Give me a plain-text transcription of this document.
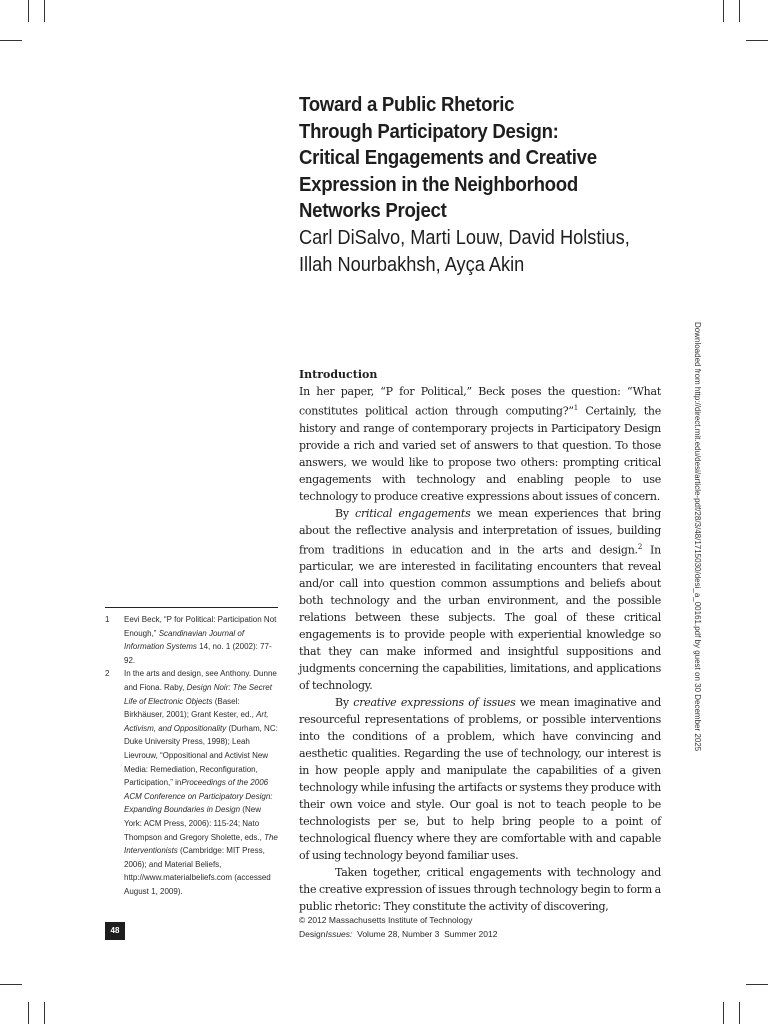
Toward a Public Rhetoric
Through Participatory Design:
Critical Engagements and Creative
Expression in the Neighborhood
Networks Project
Carl DiSalvo, Marti Louw, David Holstius,
Illah Nourbakhsh, Ayça Akin
Downloaded from http://direct.mit.edu/desi/article-pdf/28/3/48/1715030/desi_a_00161.pdf by guest on 30 December 2025
Introduction

In her paper, “P for Political,” Beck poses the question: “What constitutes political action through computing?”$^1$ Certainly, the history and range of contemporary projects in Participatory Design provide a rich and varied set of answers to that question. To those answers, we would like to propose two others: prompting critical engagements with technology and enabling people to use technology to produce creative expressions about issues of concern.

By critical engagements we mean experiences that bring about the reflective analysis and interpretation of issues, building from traditions in education and in the arts and design.$^2$ In particular, we are interested in facilitating encounters that reveal and/or call into question common assumptions and beliefs about both technology and the urban environment, and the possible relations between these subjects. The goal of these critical engagements is to provide people with experiential knowledge so that they can make informed and insightful suppositions and judgments concerning the capabilities, limitations, and applications of technology.

By creative expressions of issues we mean imaginative and resourceful representations of problems, or possible interventions into the conditions of a problem, which have convincing and aesthetic qualities. Regarding the use of technology, our interest is in how people apply and manipulate the capabilities of a given technology while infusing the artifacts or systems they produce with their own voice and style. Our goal is not to teach people to be technologists per se, but to help bring people to a point of technological fluency where they are comfortable with and capable of using technology beyond familiar uses.

Taken together, critical engagements with technology and the creative expression of issues through technology begin to form a public rhetoric: They constitute the activity of discovering,

1 Eevi Beck, “P for Political: Participation Not Enough,” Scandinavian Journal of Information Systems 14, no. 1 (2002): 77-92.
2 In the arts and design, see Anthony. Dunne and Fiona. Raby, Design Noir: The Secret Life of Electronic Objects (Basel: Birkhäuser, 2001); Grant Kester, ed., Art, Activism, and Oppositionality (Durham, NC: Duke University Press, 1998); Leah Lievrouw, “Oppositional and Activist New Media: Remediation, Reconfiguration, Participation,” inProceedings of the 2006 ACM Conference on Participatory Design: Expanding Boundaries in Design (New York: ACM Press, 2006): 115-24; Nato Thompson and Gregory Sholette, eds., The Interventionists (Cambridge: MIT Press, 2006); and Material Beliefs, http://www.materialbeliefs.com (accessed August 1, 2009).
© 2012 Massachusetts Institute of Technology
DesignIssues:  Volume 28, Number 3  Summer 2012
48
